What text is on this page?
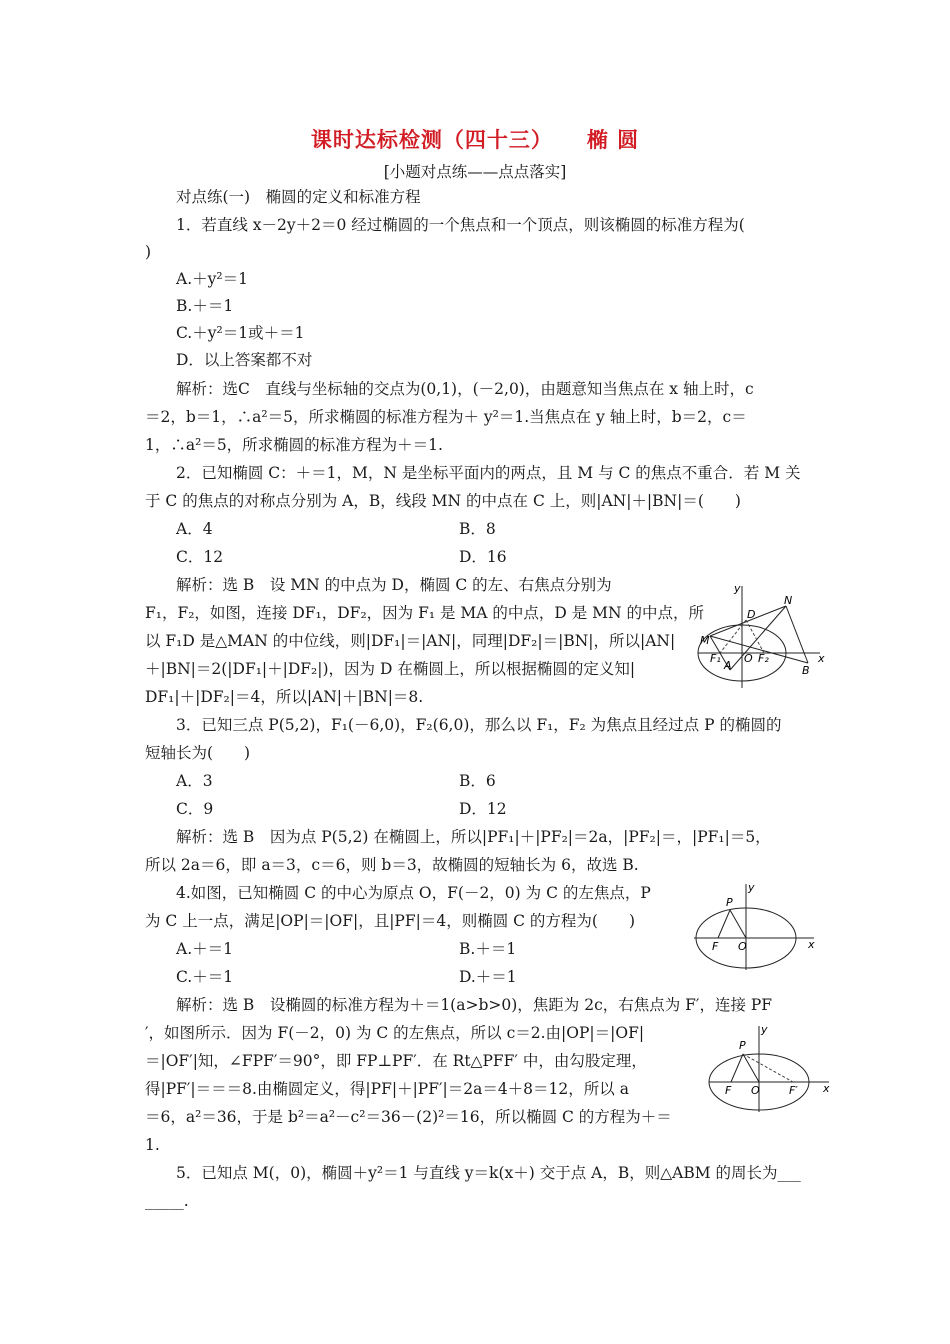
课时达标检测（四十三） 椭 圆
[小题对点练——点点落实]
对点练(一)　椭圆的定义和标准方程
1．若直线 x－2y＋2＝0 经过椭圆的一个焦点和一个顶点，则该椭圆的标准方程为(
)
A.＋y²＝1
B.＋＝1
C.＋y²＝1或＋＝1
D．以上答案都不对
解析：选C　直线与坐标轴的交点为(0,1)，(－2,0)，由题意知当焦点在 x 轴上时，c
＝2，b＝1，∴a²＝5，所求椭圆的标准方程为＋ y²＝1.当焦点在 y 轴上时，b＝2，c＝
1，∴a²＝5，所求椭圆的标准方程为＋＝1.
2．已知椭圆 C：＋＝1，M，N 是坐标平面内的两点，且 M 与 C 的焦点不重合．若 M 关
于 C 的焦点的对称点分别为 A，B，线段 MN 的中点在 C 上，则|AN|＋|BN|＝(　　)
A．4	B．8
C．12	D．16
解析：选 B　设 MN 的中点为 D，椭圆 C 的左、右焦点分别为
F₁，F₂，如图，连接 DF₁，DF₂，因为 F₁ 是 MA 的中点，D 是 MN 的中点，所
以 F₁D 是△MAN 的中位线，则|DF₁|＝|AN|，同理|DF₂|＝|BN|，所以|AN|
＋|BN|＝2(|DF₁|＋|DF₂|)，因为 D 在椭圆上，所以根据椭圆的定义知|
DF₁|＋|DF₂|＝4，所以|AN|＋|BN|＝8.
y
D
N
M
F₁
A
O F₂	x
B
3．已知三点 P(5,2)，F₁(－6,0)，F₂(6,0)，那么以 F₁，F₂ 为焦点且经过点 P 的椭圆的
短轴长为(　　)
A．3	B．6
C．9	D．12
解析：选 B　因为点 P(5,2) 在椭圆上，所以|PF₁|＋|PF₂|＝2a，|PF₂|＝，|PF₁|＝5，
所以 2a＝6，即 a＝3，c＝6，则 b＝3，故椭圆的短轴长为 6，故选 B.
4.如图，已知椭圆 C 的中心为原点 O，F(－2，0) 为 C 的左焦点，P
为 C 上一点，满足|OP|＝|OF|，且|PF|＝4，则椭圆 C 的方程为(　　)
A.＋＝1	B.＋＝1
C.＋＝1	D.＋＝1
y
P
F O	x
解析：选 B　设椭圆的标准方程为＋＝1(a>b>0)，焦距为 2c，右焦点为 F′，连接 PF
′，如图所示．因为 F(－2，0) 为 C 的左焦点，所以 c＝2.由|OP|＝|OF|
＝|OF′|知，∠FPF′＝90°，即 FP⊥PF′．在 Rt△PFF′ 中，由勾股定理，
得|PF′|＝＝＝8.由椭圆定义，得|PF|＋|PF′|＝2a＝4＋8＝12，所以 a
＝6，a²＝36，于是 b²＝a²－c²＝36－(2)²＝16，所以椭圆 C 的方程为＋＝
1.
y
P
F O	F′ x
5．已知点 M(，0)，椭圆＋y²＝1 与直线 y＝k(x＋) 交于点 A，B，则△ABM 的周长为___
_____.
